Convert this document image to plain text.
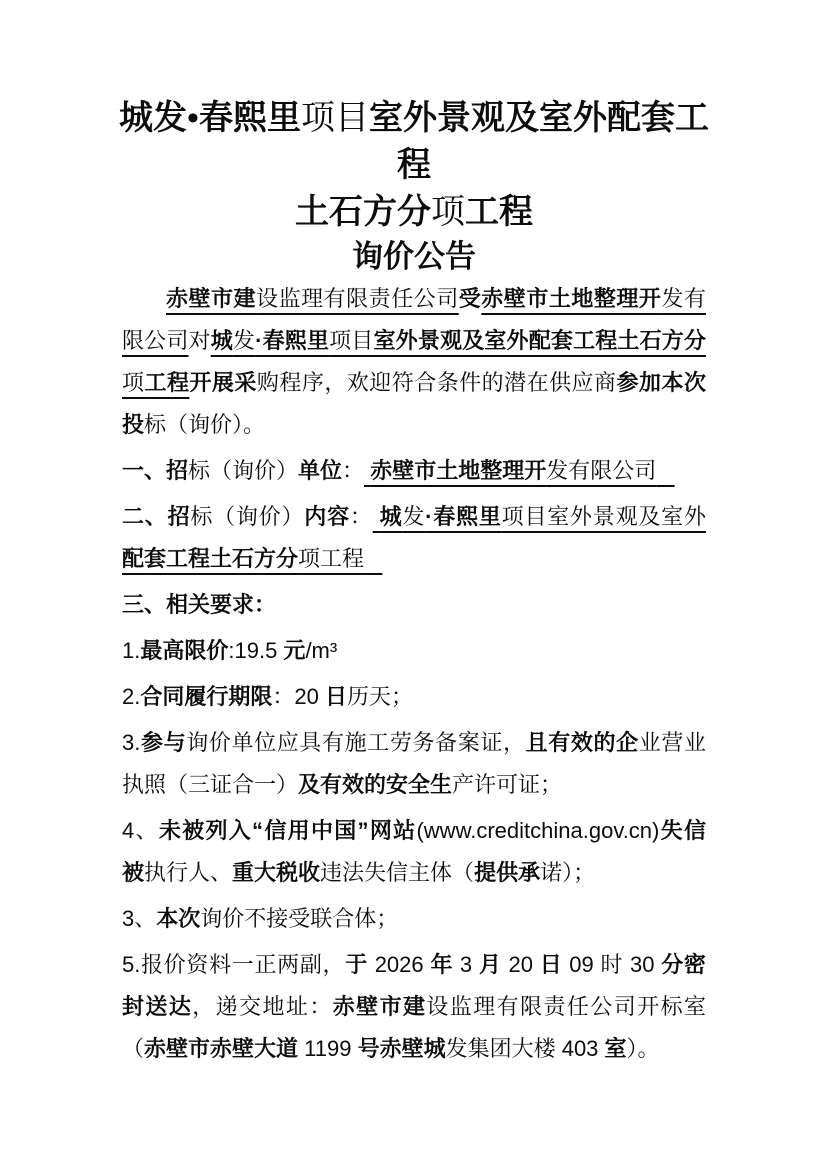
城发•春熙里项目室外景观及室外配套工程

土石方分项工程

询价公告

赤壁市建设监理有限责任公司受赤壁市土地整理开发有限公司对城发·春熙里项目室外景观及室外配套工程土石方分项工程开展采购程序，欢迎符合条件的潜在供应商参加本次投标（询价）。

一、招标（询价）单位： 赤壁市土地整理开发有限公司

二、招标（询价）内容： 城发·春熙里项目室外景观及室外配套工程土石方分项工程

三、相关要求：

1.最高限价:19.5 元/m³

2.合同履行期限：20 日历天；

3.参与询价单位应具有施工劳务备案证，且有效的企业营业执照（三证合一）及有效的安全生产许可证；

4、未被列入“信用中国”网站(www.creditchina.gov.cn)失信被执行人、重大税收违法失信主体（提供承诺）；

3、本次询价不接受联合体；

5.报价资料一正两副，于 2026 年 3 月 20 日 09 时 30 分密封送达，递交地址：赤壁市建设监理有限责任公司开标室（赤壁市赤壁大道 1199 号赤壁城发集团大楼 403 室）。
